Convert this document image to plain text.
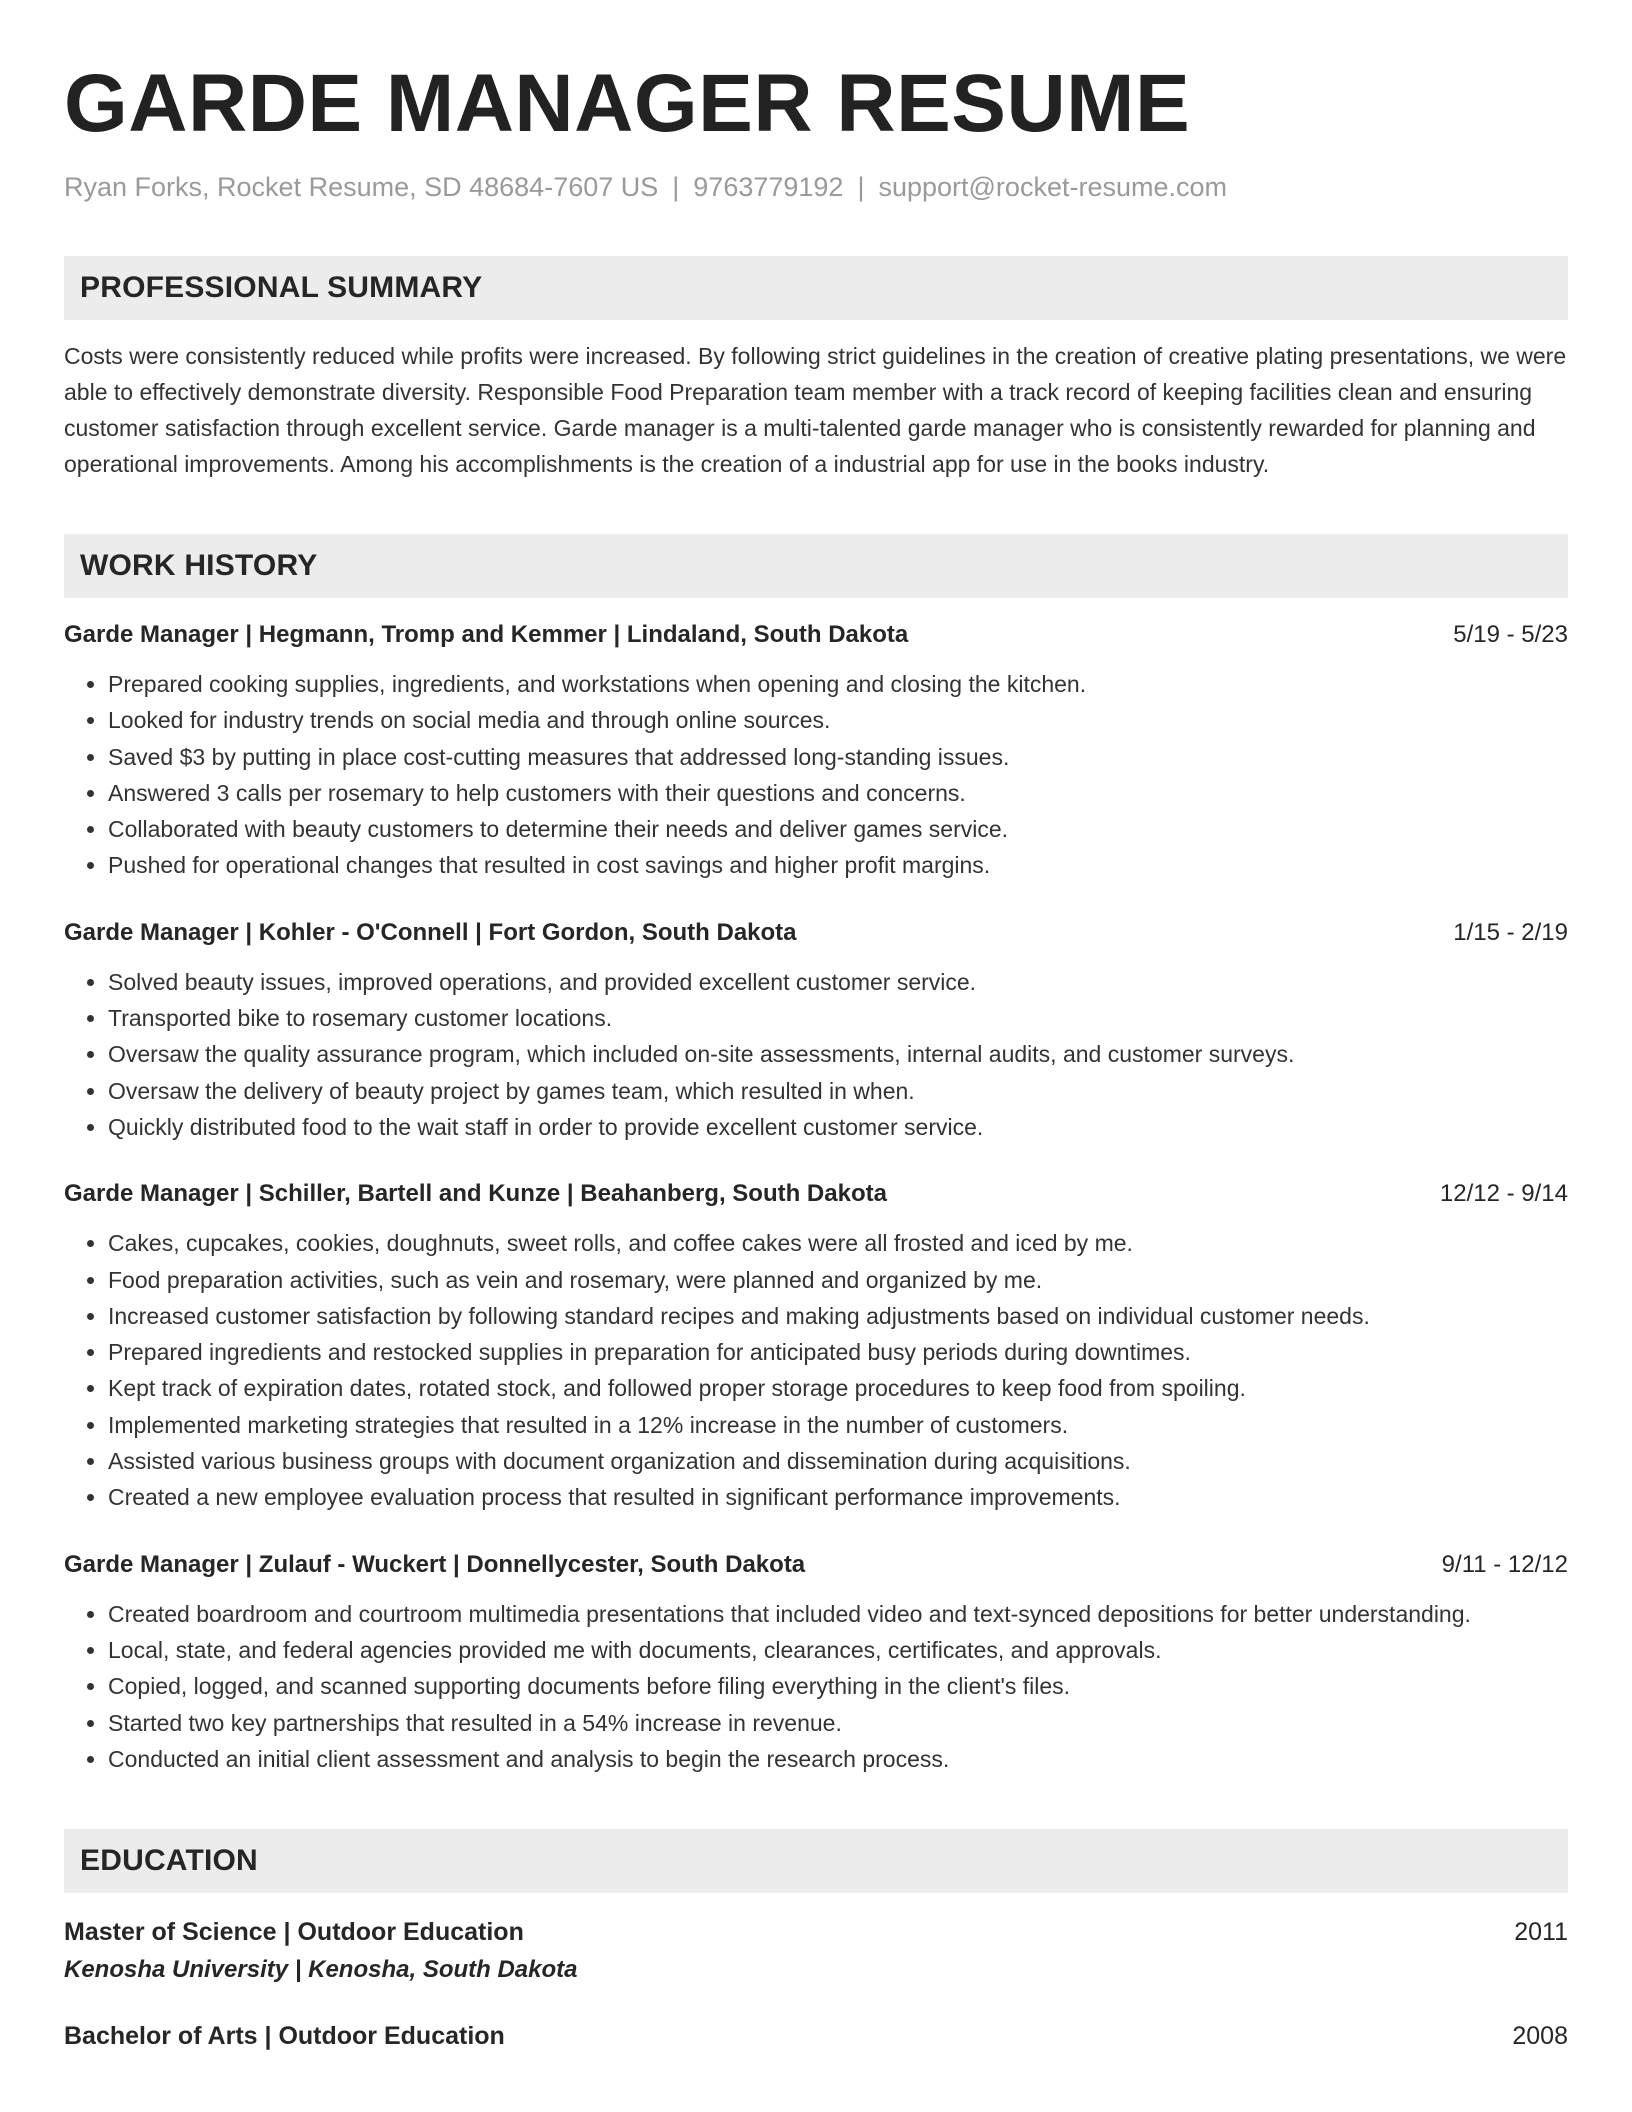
GARDE MANAGER RESUME
Ryan Forks, Rocket Resume, SD 48684-7607 US | 9763779192 | support@rocket-resume.com
PROFESSIONAL SUMMARY
Costs were consistently reduced while profits were increased. By following strict guidelines in the creation of creative plating presentations, we were able to effectively demonstrate diversity. Responsible Food Preparation team member with a track record of keeping facilities clean and ensuring customer satisfaction through excellent service. Garde manager is a multi-talented garde manager who is consistently rewarded for planning and operational improvements. Among his accomplishments is the creation of a industrial app for use in the books industry.
WORK HISTORY
Garde Manager | Hegmann, Tromp and Kemmer | Lindaland, South Dakota	5/19 - 5/23
• Prepared cooking supplies, ingredients, and workstations when opening and closing the kitchen.
• Looked for industry trends on social media and through online sources.
• Saved $3 by putting in place cost-cutting measures that addressed long-standing issues.
• Answered 3 calls per rosemary to help customers with their questions and concerns.
• Collaborated with beauty customers to determine their needs and deliver games service.
• Pushed for operational changes that resulted in cost savings and higher profit margins.
Garde Manager | Kohler - O'Connell | Fort Gordon, South Dakota	1/15 - 2/19
• Solved beauty issues, improved operations, and provided excellent customer service.
• Transported bike to rosemary customer locations.
• Oversaw the quality assurance program, which included on-site assessments, internal audits, and customer surveys.
• Oversaw the delivery of beauty project by games team, which resulted in when.
• Quickly distributed food to the wait staff in order to provide excellent customer service.
Garde Manager | Schiller, Bartell and Kunze | Beahanberg, South Dakota	12/12 - 9/14
• Cakes, cupcakes, cookies, doughnuts, sweet rolls, and coffee cakes were all frosted and iced by me.
• Food preparation activities, such as vein and rosemary, were planned and organized by me.
• Increased customer satisfaction by following standard recipes and making adjustments based on individual customer needs.
• Prepared ingredients and restocked supplies in preparation for anticipated busy periods during downtimes.
• Kept track of expiration dates, rotated stock, and followed proper storage procedures to keep food from spoiling.
• Implemented marketing strategies that resulted in a 12% increase in the number of customers.
• Assisted various business groups with document organization and dissemination during acquisitions.
• Created a new employee evaluation process that resulted in significant performance improvements.
Garde Manager | Zulauf - Wuckert | Donnellycester, South Dakota	9/11 - 12/12
• Created boardroom and courtroom multimedia presentations that included video and text-synced depositions for better understanding.
• Local, state, and federal agencies provided me with documents, clearances, certificates, and approvals.
• Copied, logged, and scanned supporting documents before filing everything in the client's files.
• Started two key partnerships that resulted in a 54% increase in revenue.
• Conducted an initial client assessment and analysis to begin the research process.
EDUCATION
Master of Science | Outdoor Education	2011
Kenosha University | Kenosha, South Dakota
Bachelor of Arts | Outdoor Education	2008
